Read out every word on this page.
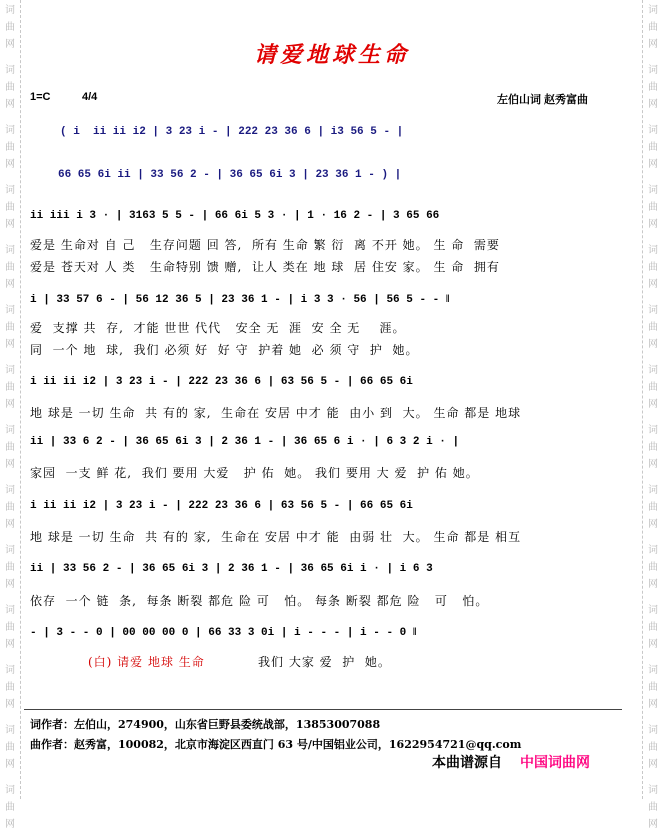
词
曲
网
词
曲
网
词
曲
网
词
曲
网
词
曲
网
词
曲
网
词
曲
网
词
曲
网
词
曲
网
词
曲
网
词
曲
网
词
曲
网
词
曲
网
词
曲
网
词
曲
网
词
曲
网
词
曲
网
词
曲
网
词
曲
网
词
曲
网
词
曲
网
词
曲
网
词
曲
网
词
曲
网
词
曲
网
词
曲
网
词
曲
网
词
曲
网
请爱地球生命
1=C	4/4	左伯山词 赵秀富曲
( i  ii ii i2 | 3 23 i - | 222 23 36 6 | i3 56 5 - |
66 65 6i ii | 33 56 2 - | 36 65 6i 3 | 23 36 1 - ) |
ii iii i 3 · | 3163 5 5 - | 66 6i 5 3 · | 1 · 16 2 - | 3 65 66
爱是 生命对 自 己   生存问题 回 答,  所有 生命 繁 衍  离 不开 她。 生 命  需要
爱是 苍天对 人 类   生命特别 馈 赠,  让人 类在 地 球  居 住安 家。 生 命  拥有
i | 33 57 6 - | 56 12 36 5 | 23 36 1 - | i 3 3 · 56 | 56 5 - - ‖
爱  支撑 共  存,  才能 世世 代代   安全 无  涯  安 全 无    涯。
同  一个 地  球,  我们 必须 好  好 守  护着 她  必 须 守  护  她。
i ii ii i2 | 3 23 i - | 222 23 36 6 | 63 56 5 - | 66 65 6i
地 球是 一切 生命  共 有的 家,  生命在 安居 中才 能  由小 到  大。 生命 都是 地球
ii | 33 6 2 - | 36 65 6i 3 | 2 36 1 - | 36 65 6 i · | 6 3 2 i · |
家园  一支 鲜 花,  我们 要用 大爱   护 佑  她。 我们 要用 大 爱  护 佑 她。
i ii ii i2 | 3 23 i - | 222 23 36 6 | 63 56 5 - | 66 65 6i
地 球是 一切 生命  共 有的 家,  生命在 安居 中才 能  由弱 壮  大。 生命 都是 相互
ii | 33 56 2 - | 36 65 6i 3 | 2 36 1 - | 36 65 6i i · | i 6 3
依存  一个 链  条,  每条 断裂 都危 险 可   怕。 每条 断裂 都危 险   可   怕。
- | 3 - - 0 | 00 00 00 0 | 66 33 3 0i | i - - - | i - - 0 ‖
(白) 请爱 地球 生命	我们 大家 爱  护  她。
词作者：左伯山，274900，山东省巨野县委统战部，13853007088
曲作者：赵秀富，100082，北京市海淀区西直门 63 号/中国铝业公司，1622954721@qq.com
本曲谱源自 中国词曲网
